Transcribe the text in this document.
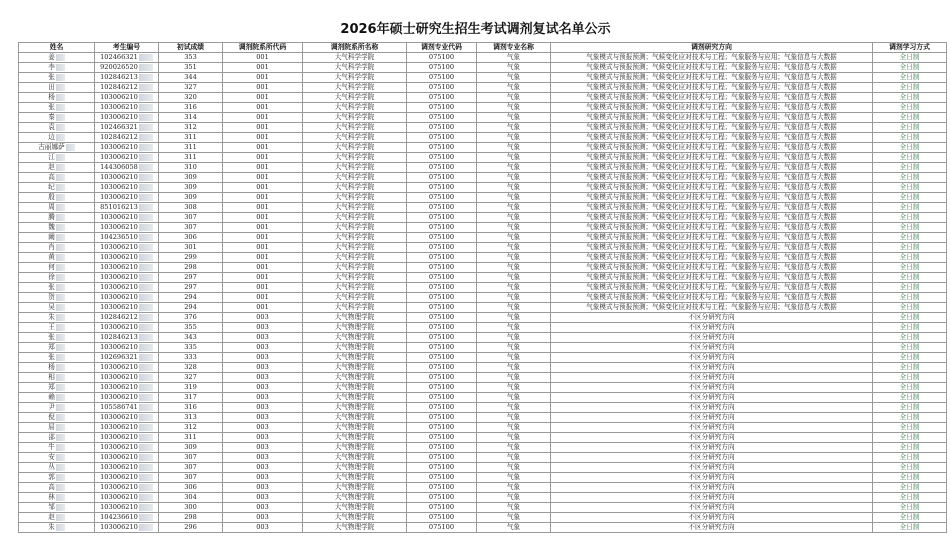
2026年硕士研究生招生考试调剂复试名单公示
姓名	考生编号	初试成绩	调剂院系所代码	调剂院系所名称	调剂专业代码	调剂专业名称	调剂研究方向	调剂学习方式
姜	102466321	353	001	大气科学学院	075100	气象	气象模式与预报预测；气候变化应对技术与工程；气象服务与应用；气象信息与大数据	全日制
李	920026520	351	001	大气科学学院	075100	气象	气象模式与预报预测；气候变化应对技术与工程；气象服务与应用；气象信息与大数据	全日制
张	102846213	344	001	大气科学学院	075100	气象	气象模式与预报预测；气候变化应对技术与工程；气象服务与应用；气象信息与大数据	全日制
田	102846212	327	001	大气科学学院	075100	气象	气象模式与预报预测；气候变化应对技术与工程；气象服务与应用；气象信息与大数据	全日制
杨	103006210	320	001	大气科学学院	075100	气象	气象模式与预报预测；气候变化应对技术与工程；气象服务与应用；气象信息与大数据	全日制
张	103006210	316	001	大气科学学院	075100	气象	气象模式与预报预测；气候变化应对技术与工程；气象服务与应用；气象信息与大数据	全日制
秦	103006210	314	001	大气科学学院	075100	气象	气象模式与预报预测；气候变化应对技术与工程；气象服务与应用；气象信息与大数据	全日制
袁	102466321	312	001	大气科学学院	075100	气象	气象模式与预报预测；气候变化应对技术与工程；气象服务与应用；气象信息与大数据	全日制
边	102846212	311	001	大气科学学院	075100	气象	气象模式与预报预测；气候变化应对技术与工程；气象服务与应用；气象信息与大数据	全日制
古丽娜萨	103006210	311	001	大气科学学院	075100	气象	气象模式与预报预测；气候变化应对技术与工程；气象服务与应用；气象信息与大数据	全日制
江	103006210	311	001	大气科学学院	075100	气象	气象模式与预报预测；气候变化应对技术与工程；气象服务与应用；气象信息与大数据	全日制
赵	144306058	310	001	大气科学学院	075100	气象	气象模式与预报预测；气候变化应对技术与工程；气象服务与应用；气象信息与大数据	全日制
高	103006210	309	001	大气科学学院	075100	气象	气象模式与预报预测；气候变化应对技术与工程；气象服务与应用；气象信息与大数据	全日制
纪	103006210	309	001	大气科学学院	075100	气象	气象模式与预报预测；气候变化应对技术与工程；气象服务与应用；气象信息与大数据	全日制
殷	103006210	309	001	大气科学学院	075100	气象	气象模式与预报预测；气候变化应对技术与工程；气象服务与应用；气象信息与大数据	全日制
周	851016213	308	001	大气科学学院	075100	气象	气象模式与预报预测；气候变化应对技术与工程；气象服务与应用；气象信息与大数据	全日制
腾	103006210	307	001	大气科学学院	075100	气象	气象模式与预报预测；气候变化应对技术与工程；气象服务与应用；气象信息与大数据	全日制
魏	103006210	307	001	大气科学学院	075100	气象	气象模式与预报预测；气候变化应对技术与工程；气象服务与应用；气象信息与大数据	全日制
阚	104236510	306	001	大气科学学院	075100	气象	气象模式与预报预测；气候变化应对技术与工程；气象服务与应用；气象信息与大数据	全日制
肖	103006210	301	001	大气科学学院	075100	气象	气象模式与预报预测；气候变化应对技术与工程；气象服务与应用；气象信息与大数据	全日制
黄	103006210	299	001	大气科学学院	075100	气象	气象模式与预报预测；气候变化应对技术与工程；气象服务与应用；气象信息与大数据	全日制
何	103006210	298	001	大气科学学院	075100	气象	气象模式与预报预测；气候变化应对技术与工程；气象服务与应用；气象信息与大数据	全日制
徐	103006210	297	001	大气科学学院	075100	气象	气象模式与预报预测；气候变化应对技术与工程；气象服务与应用；气象信息与大数据	全日制
张	103006210	297	001	大气科学学院	075100	气象	气象模式与预报预测；气候变化应对技术与工程；气象服务与应用；气象信息与大数据	全日制
贺	103006210	294	001	大气科学学院	075100	气象	气象模式与预报预测；气候变化应对技术与工程；气象服务与应用；气象信息与大数据	全日制
吴	103006210	294	001	大气科学学院	075100	气象	气象模式与预报预测；气候变化应对技术与工程；气象服务与应用；气象信息与大数据	全日制
朱	102846212	376	003	大气物理学院	075100	气象	不区分研究方向	全日制
王	103006210	355	003	大气物理学院	075100	气象	不区分研究方向	全日制
张	102846213	343	003	大气物理学院	075100	气象	不区分研究方向	全日制
郑	103006210	335	003	大气物理学院	075100	气象	不区分研究方向	全日制
张	102696321	333	003	大气物理学院	075100	气象	不区分研究方向	全日制
杨	103006210	328	003	大气物理学院	075100	气象	不区分研究方向	全日制
相	103006210	327	003	大气物理学院	075100	气象	不区分研究方向	全日制
郑	103006210	319	003	大气物理学院	075100	气象	不区分研究方向	全日制
赖	103006210	317	003	大气物理学院	075100	气象	不区分研究方向	全日制
尹	105586741	316	003	大气物理学院	075100	气象	不区分研究方向	全日制
倪	103006210	313	003	大气物理学院	075100	气象	不区分研究方向	全日制
屈	103006210	312	003	大气物理学院	075100	气象	不区分研究方向	全日制
邵	103006210	311	003	大气物理学院	075100	气象	不区分研究方向	全日制
牛	103006210	309	003	大气物理学院	075100	气象	不区分研究方向	全日制
安	103006210	307	003	大气物理学院	075100	气象	不区分研究方向	全日制
丛	103006210	307	003	大气物理学院	075100	气象	不区分研究方向	全日制
郭	103006210	307	003	大气物理学院	075100	气象	不区分研究方向	全日制
高	103006210	306	003	大气物理学院	075100	气象	不区分研究方向	全日制
林	103006210	304	003	大气物理学院	075100	气象	不区分研究方向	全日制
邹	103006210	300	003	大气物理学院	075100	气象	不区分研究方向	全日制
赵	104236610	298	003	大气物理学院	075100	气象	不区分研究方向	全日制
朱	103006210	296	003	大气物理学院	075100	气象	不区分研究方向	全日制
